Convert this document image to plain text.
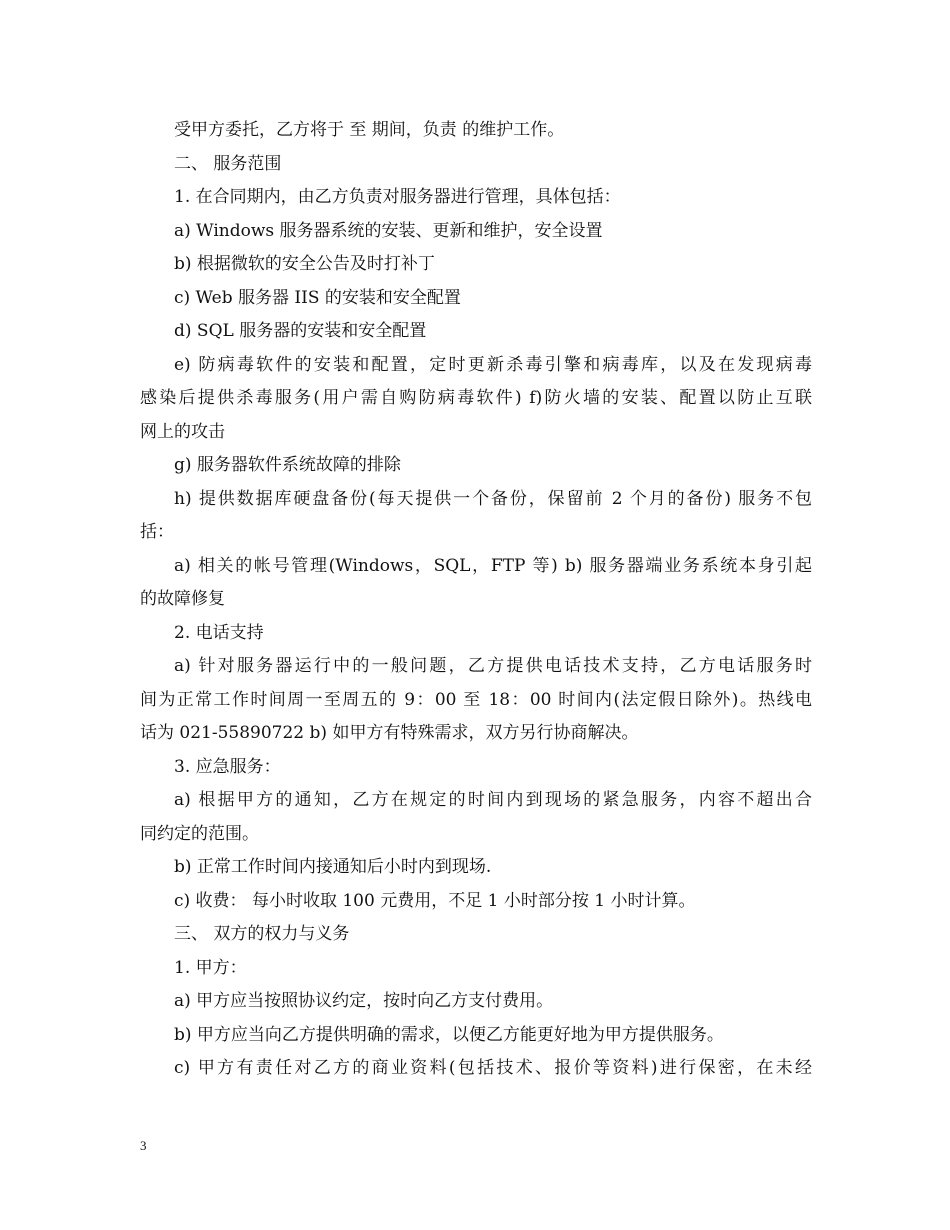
受甲方委托，乙方将于 至 期间，负责 的维护工作。
二、 服务范围
1. 在合同期内，由乙方负责对服务器进行管理，具体包括：
a) Windows 服务器系统的安装、更新和维护，安全设置
b) 根据微软的安全公告及时打补丁
c) Web 服务器 IIS 的安装和安全配置
d) SQL 服务器的安装和安全配置
e) 防病毒软件的安装和配置，定时更新杀毒引擎和病毒库，以及在发现病毒
感染后提供杀毒服务(用户需自购防病毒软件) f)防火墙的安装、配置以防止互联
网上的攻击
g) 服务器软件系统故障的排除
h) 提供数据库硬盘备份(每天提供一个备份，保留前 2 个月的备份) 服务不包
括：
a) 相关的帐号管理(Windows，SQL，FTP 等) b) 服务器端业务系统本身引起
的故障修复
2. 电话支持
a) 针对服务器运行中的一般问题，乙方提供电话技术支持，乙方电话服务时
间为正常工作时间周一至周五的 9：00 至 18：00 时间内(法定假日除外)。热线电
话为 021-55890722 b) 如甲方有特殊需求，双方另行协商解决。
3. 应急服务：
a) 根据甲方的通知，乙方在规定的时间内到现场的紧急服务，内容不超出合
同约定的范围。
b) 正常工作时间内接通知后小时内到现场.
c) 收费： 每小时收取 100 元费用，不足 1 小时部分按 1 小时计算。
三、 双方的权力与义务
1. 甲方：
a) 甲方应当按照协议约定，按时向乙方支付费用。
b) 甲方应当向乙方提供明确的需求，以便乙方能更好地为甲方提供服务。
c) 甲方有责任对乙方的商业资料(包括技术、报价等资料)进行保密，在未经
3
